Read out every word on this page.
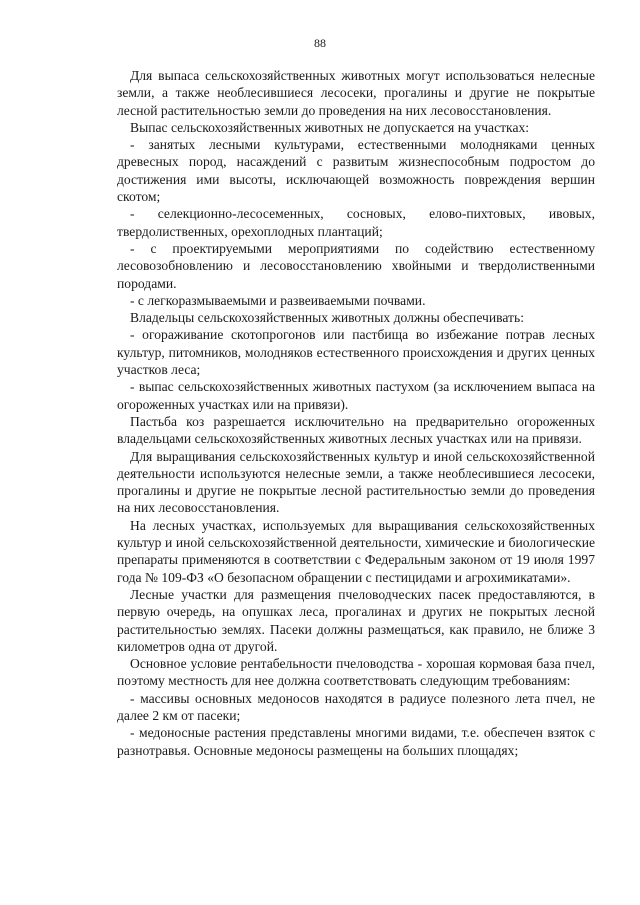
88

Для выпаса сельскохозяйственных животных могут использоваться нелесные земли, а также необлесившиеся лесосеки, прогалины и другие не покрытые лесной растительностью земли до проведения на них лесовосстановления.

Выпас сельскохозяйственных животных не допускается на участках:

- занятых лесными культурами, естественными молодняками ценных древесных пород, насаждений с развитым жизнеспособным подростом до достижения ими высоты, исключающей возможность повреждения вершин скотом;

- селекционно-лесосеменных, сосновых, елово-пихтовых, ивовых, твердолиственных, орехоплодных плантаций;

- с проектируемыми мероприятиями по содействию естественному лесовозобновлению и лесовосстановлению хвойными и твердолиственными породами.

- с легкоразмываемыми и развеиваемыми почвами.

Владельцы сельскохозяйственных животных должны обеспечивать:

- огораживание скотопрогонов или пастбища во избежание потрав лесных культур, питомников, молодняков естественного происхождения и других ценных участков леса;

- выпас сельскохозяйственных животных пастухом (за исключением выпаса на огороженных участках или на привязи).

Пастьба коз разрешается исключительно на предварительно огороженных владельцами сельскохозяйственных животных лесных участках или на привязи.

Для выращивания сельскохозяйственных культур и иной сельскохозяйственной деятельности используются нелесные земли, а также необлесившиеся лесосеки, прогалины и другие не покрытые лесной растительностью земли до проведения на них лесовосстановления.

На лесных участках, используемых для выращивания сельскохозяйственных культур и иной сельскохозяйственной деятельности, химические и биологические препараты применяются в соответствии с Федеральным законом от 19 июля 1997 года № 109-ФЗ «О безопасном обращении с пестицидами и агрохимикатами».

Лесные участки для размещения пчеловодческих пасек предоставляются, в первую очередь, на опушках леса, прогалинах и других не покрытых лесной растительностью землях. Пасеки должны размещаться, как правило, не ближе 3 километров одна от другой.

Основное условие рентабельности пчеловодства - хорошая кормовая база пчел, поэтому местность для нее должна соответствовать следующим требованиям:

- массивы основных медоносов находятся в радиусе полезного лета пчел, не далее 2 км от пасеки;

- медоносные растения представлены многими видами, т.е. обеспечен взяток с разнотравья. Основные медоносы размещены на больших площадях;
